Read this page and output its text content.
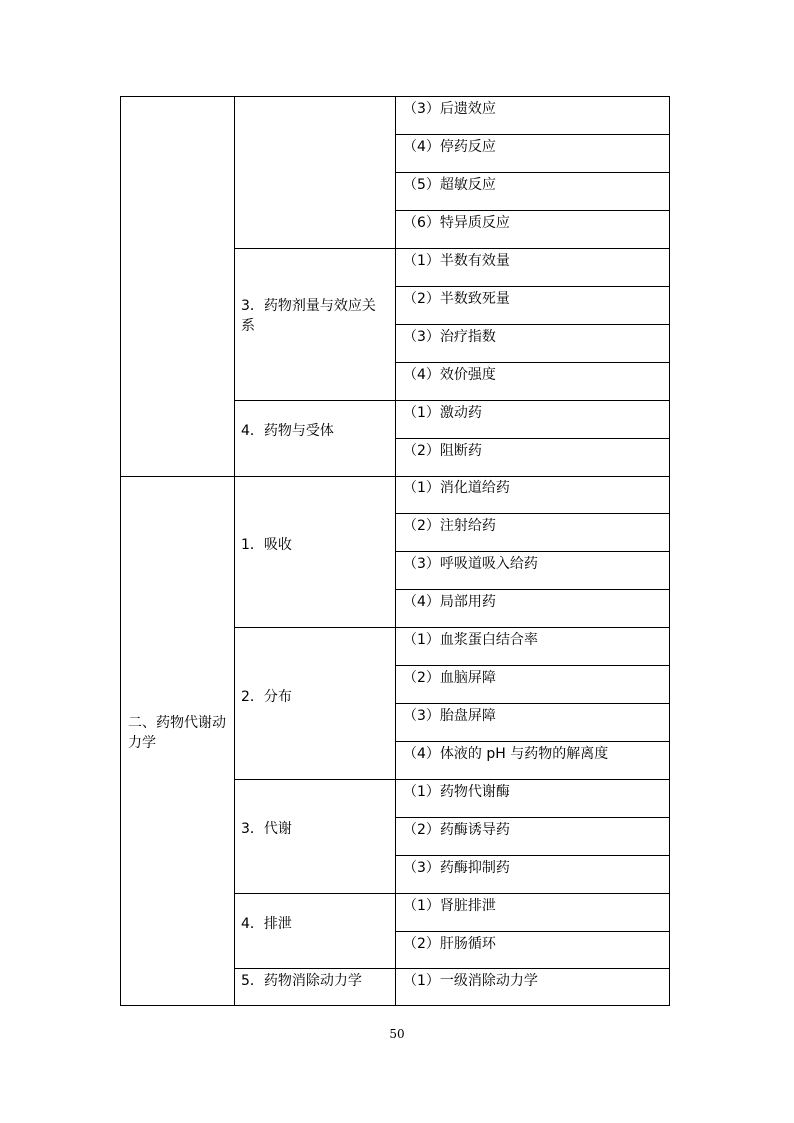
二、药物代谢动力学
3．药物剂量与效应关系
4．药物与受体
1．吸收
2．分布
3．代谢
4．排泄
5．药物消除动力学
（3）后遗效应
（4）停药反应
（5）超敏反应
（6）特异质反应
（1）半数有效量
（2）半数致死量
（3）治疗指数
（4）效价强度
（1）激动药
（2）阻断药
（1）消化道给药
（2）注射给药
（3）呼吸道吸入给药
（4）局部用药
（1）血浆蛋白结合率
（2）血脑屏障
（3）胎盘屏障
（4）体液的 pH 与药物的解离度
（1）药物代谢酶
（2）药酶诱导药
（3）药酶抑制药
（1）肾脏排泄
（2）肝肠循环
（1）一级消除动力学
50
